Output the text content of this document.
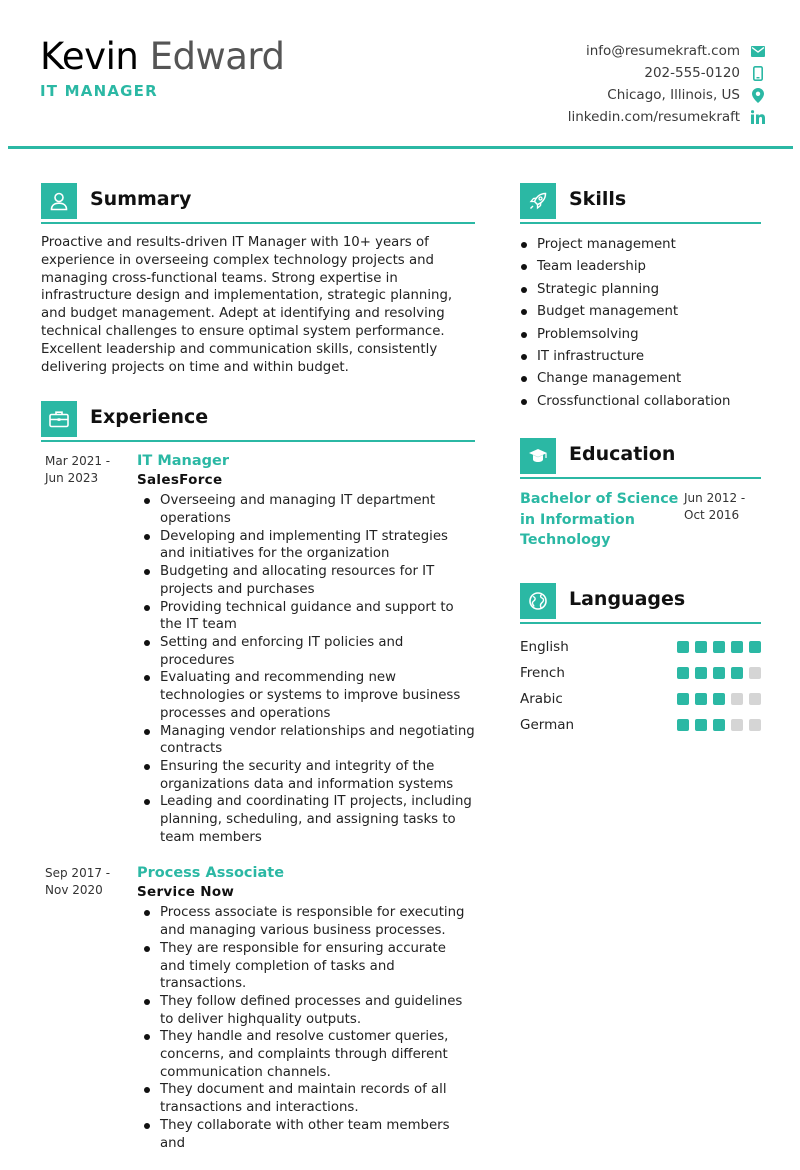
Kevin Edward
IT MANAGER
info@resumekraft.com
202-555-0120
Chicago, Illinois, US
linkedin.com/resumekraft
Summary

Proactive and results-driven IT Manager with 10+ years of experience in overseeing complex technology projects and managing cross-functional teams. Strong expertise in infrastructure design and implementation, strategic planning, and budget management. Adept at identifying and resolving technical challenges to ensure optimal system performance. Excellent leadership and communication skills, consistently delivering projects on time and within budget.

Experience
Mar 2021 - Jun 2023
IT Manager
SalesForce
Overseeing and managing IT department operations
Developing and implementing IT strategies and initiatives for the organization
Budgeting and allocating resources for IT projects and purchases
Providing technical guidance and support to the IT team
Setting and enforcing IT policies and procedures
Evaluating and recommending new technologies or systems to improve business processes and operations
Managing vendor relationships and negotiating contracts
Ensuring the security and integrity of the organizations data and information systems
Leading and coordinating IT projects, including planning, scheduling, and assigning tasks to team members
Sep 2017 - Nov 2020
Process Associate
Service Now
Process associate is responsible for executing and managing various business processes.
They are responsible for ensuring accurate and timely completion of tasks and transactions.
They follow defined processes and guidelines to deliver highquality outputs.
They handle and resolve customer queries, concerns, and complaints through different communication channels.
They document and maintain records of all transactions and interactions.
They collaborate with other team members and
Skills
Project management
Team leadership
Strategic planning
Budget management
Problemsolving
IT infrastructure
Change management
Crossfunctional collaboration
Education
Bachelor of Science in Information Technology
Jun 2012 - Oct 2016
Languages
English
French
Arabic
German
